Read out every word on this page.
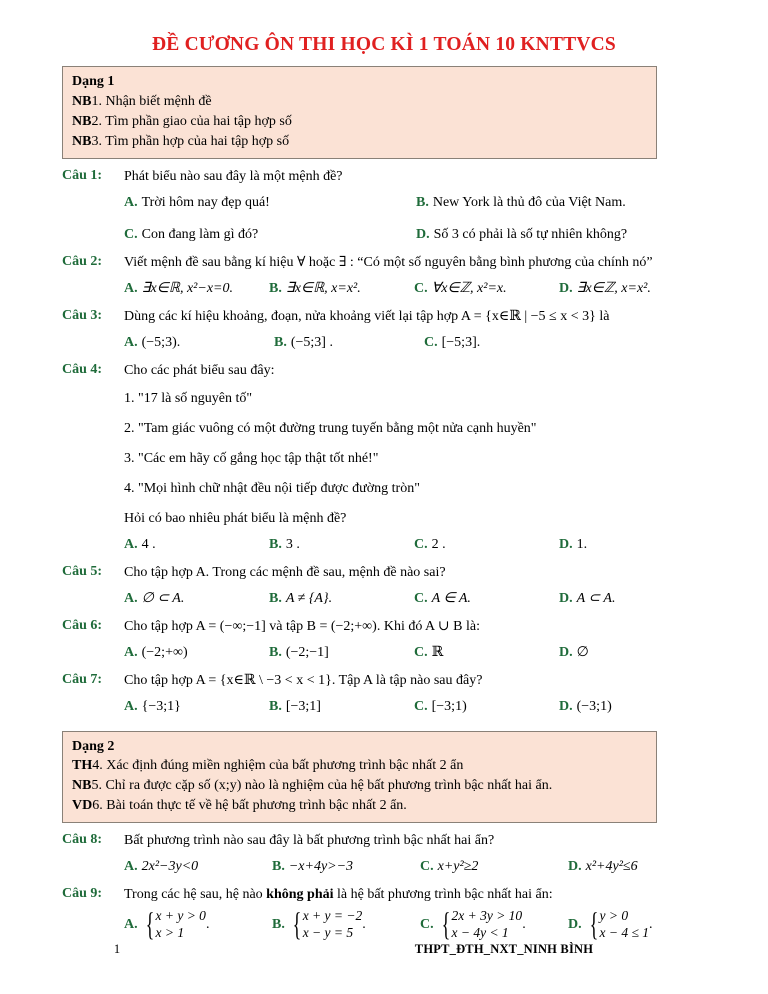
ĐỀ CƯƠNG ÔN THI HỌC KÌ 1 TOÁN 10 KNTTVCS
Dạng 1
NB1. Nhận biết mệnh đề
NB2. Tìm phần giao của hai tập hợp số
NB3. Tìm phần hợp của hai tập hợp số
Câu 1:	Phát biểu nào sau đây là một mệnh đề?
A. Trời hôm nay đẹp quá!	B. New York là thủ đô của Việt Nam.
C. Con đang làm gì đó?	D. Số 3 có phải là số tự nhiên không?
Câu 2:	Viết mệnh đề sau bằng kí hiệu ∀ hoặc ∃ : “Có một số nguyên bằng bình phương của chính nó”
A. ∃x∈ℝ, x²−x=0.	B. ∃x∈ℝ, x=x².	C. ∀x∈ℤ, x²=x.	D. ∃x∈ℤ, x=x².
Câu 3:	Dùng các kí hiệu khoảng, đoạn, nửa khoảng viết lại tập hợp A = {x∈ℝ | −5 ≤ x < 3} là
A. (−5;3).	B. (−5;3] .	C. [−5;3].
Câu 4:	Cho các phát biểu sau đây:
1. "17 là số nguyên tố"
2. "Tam giác vuông có một đường trung tuyến bằng một nửa cạnh huyền"
3. "Các em hãy cố gắng học tập thật tốt nhé!"
4. "Mọi hình chữ nhật đều nội tiếp được đường tròn"
Hỏi có bao nhiêu phát biểu là mệnh đề?
A. 4 .	B. 3 .	C. 2 .	D. 1.
Câu 5:	Cho tập hợp A. Trong các mệnh đề sau, mệnh đề nào sai?
A. ∅ ⊂ A.	B. A ≠ {A}.	C. A ∈ A.	D. A ⊂ A.
Câu 6:	Cho tập hợp A = (−∞;−1] và tập B = (−2;+∞). Khi đó A ∪ B là:
A. (−2;+∞)	B. (−2;−1]	C. ℝ	D. ∅
Câu 7:	Cho tập hợp A = {x∈ℝ \ −3 < x < 1}. Tập A là tập nào sau đây?
A. {−3;1}	B. [−3;1]	C. [−3;1)	D. (−3;1)
Dạng 2
TH4. Xác định đúng miền nghiệm của bất phương trình bậc nhất 2 ẩn
NB5. Chỉ ra được cặp số (x;y) nào là nghiệm của hệ bất phương trình bậc nhất hai ẩn.
VD6. Bài toán thực tế về hệ bất phương trình bậc nhất 2 ẩn.
Câu 8:	Bất phương trình nào sau đây là bất phương trình bậc nhất hai ẩn?
A. 2x²−3y<0	B. −x+4y>−3	C. x+y²≥2	D. x²+4y²≤6
Câu 9:	Trong các hệ sau, hệ nào không phải là hệ bất phương trình bậc nhất hai ẩn:
A. { x + y > 0
x > 1	.	B. { x + y = −2
x − y = 5 .	C. { 2x + 3y > 10
x − 4y < 1 .	D. { y > 0
x − 4 ≤ 1 .
1	THPT_ĐTH_NXT_NINH BÌNH
